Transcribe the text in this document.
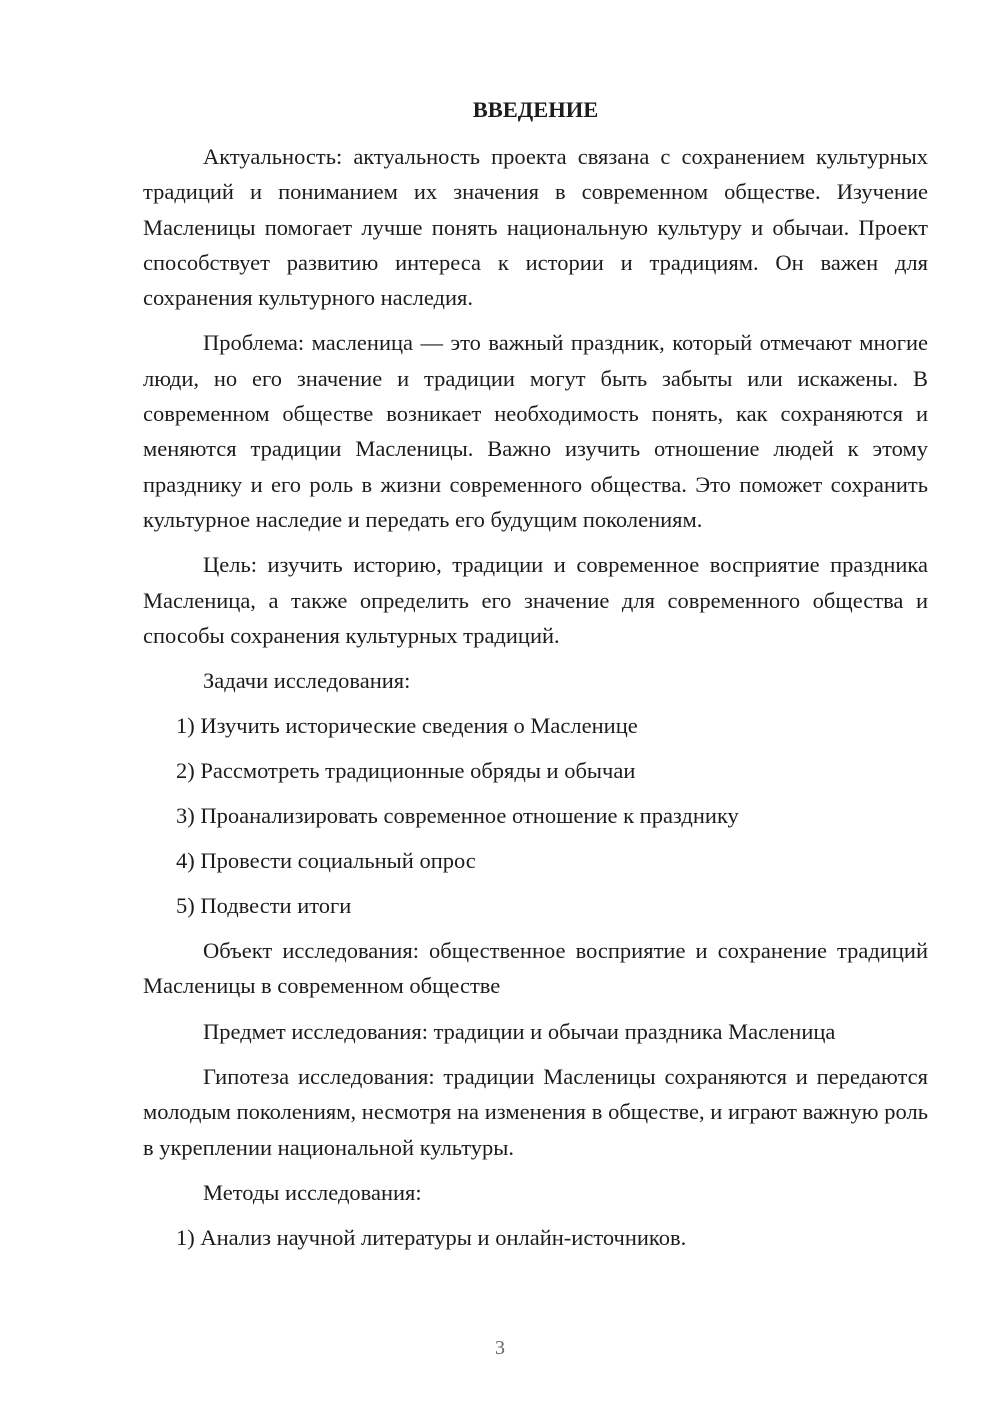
ВВЕДЕНИЕ

Актуальность: актуальность проекта связана с сохранением культурных традиций и пониманием их значения в современном обществе. Изучение Масленицы помогает лучше понять национальную культуру и обычаи. Проект способствует развитию интереса к истории и традициям. Он важен для сохранения культурного наследия.

Проблема: масленица — это важный праздник, который отмечают многие люди, но его значение и традиции могут быть забыты или искажены. В современном обществе возникает необходимость понять, как сохраняются и меняются традиции Масленицы. Важно изучить отношение людей к этому празднику и его роль в жизни современного общества. Это поможет сохранить культурное наследие и передать его будущим поколениям.

Цель: изучить историю, традиции и современное восприятие праздника Масленица, а также определить его значение для современного общества и способы сохранения культурных традиций.

Задачи исследования:

1) Изучить исторические сведения о Масленице
2) Рассмотреть традиционные обряды и обычаи
3) Проанализировать современное отношение к празднику
4) Провести социальный опрос
5) Подвести итоги

Объект исследования: общественное восприятие и сохранение традиций Масленицы в современном обществе

Предмет исследования: традиции и обычаи праздника Масленица

Гипотеза исследования: традиции Масленицы сохраняются и передаются молодым поколениям, несмотря на изменения в обществе, и играют важную роль в укреплении национальной культуры.

Методы исследования:

1) Анализ научной литературы и онлайн-источников.
3
